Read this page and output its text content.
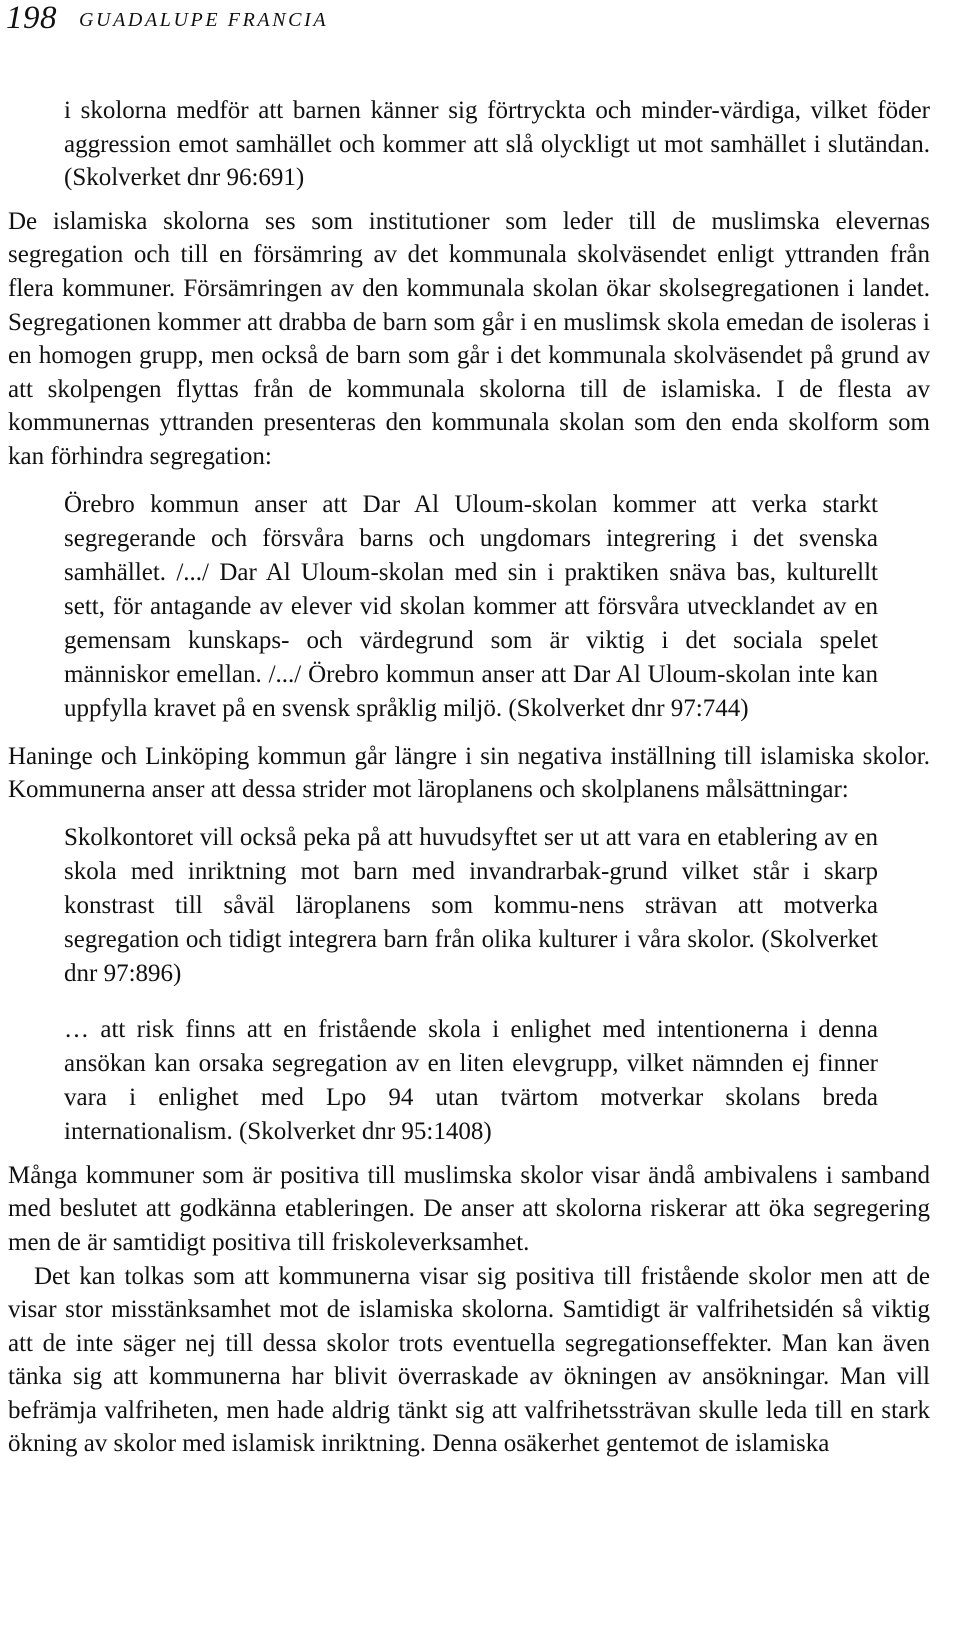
198 GUADALUPE FRANCIA

i skolorna medför att barnen känner sig förtryckta och minder-värdiga, vilket föder aggression emot samhället och kommer att slå olyckligt ut mot samhället i slutändan. (Skolverket dnr 96:691)

De islamiska skolorna ses som institutioner som leder till de muslimska elevernas segregation och till en försämring av det kommunala skolväsendet enligt yttranden från flera kommuner. Försämringen av den kommunala skolan ökar skolsegregationen i landet. Segregationen kommer att drabba de barn som går i en muslimsk skola emedan de isoleras i en homogen grupp, men också de barn som går i det kommunala skolväsendet på grund av att skolpengen flyttas från de kommunala skolorna till de islamiska. I de flesta av kommunernas yttranden presenteras den kommunala skolan som den enda skolform som kan förhindra segregation:

Örebro kommun anser att Dar Al Uloum-skolan kommer att verka starkt segregerande och försvåra barns och ungdomars integrering i det svenska samhället. /.../ Dar Al Uloum-skolan med sin i praktiken snäva bas, kulturellt sett, för antagande av elever vid skolan kommer att försvåra utvecklandet av en gemensam kunskaps- och värdegrund som är viktig i det sociala spelet människor emellan. /.../ Örebro kommun anser att Dar Al Uloum-skolan inte kan uppfylla kravet på en svensk språklig miljö. (Skolverket dnr 97:744)

Haninge och Linköping kommun går längre i sin negativa inställning till islamiska skolor. Kommunerna anser att dessa strider mot läroplanens och skolplanens målsättningar:

Skolkontoret vill också peka på att huvudsyftet ser ut att vara en etablering av en skola med inriktning mot barn med invandrarbak-grund vilket står i skarp konstrast till såväl läroplanens som kommu-nens strävan att motverka segregation och tidigt integrera barn från olika kulturer i våra skolor. (Skolverket dnr 97:896)

… att risk finns att en fristående skola i enlighet med intentionerna i denna ansökan kan orsaka segregation av en liten elevgrupp, vilket nämnden ej finner vara i enlighet med Lpo 94 utan tvärtom motverkar skolans breda internationalism. (Skolverket dnr 95:1408)

Många kommuner som är positiva till muslimska skolor visar ändå ambivalens i samband med beslutet att godkänna etableringen. De anser att skolorna riskerar att öka segregering men de är samtidigt positiva till friskoleverksamhet.

Det kan tolkas som att kommunerna visar sig positiva till fristående skolor men att de visar stor misstänksamhet mot de islamiska skolorna. Samtidigt är valfrihetsidén så viktig att de inte säger nej till dessa skolor trots eventuella segregationseffekter. Man kan även tänka sig att kommunerna har blivit överraskade av ökningen av ansökningar. Man vill befrämja valfriheten, men hade aldrig tänkt sig att valfrihetssträvan skulle leda till en stark ökning av skolor med islamisk inriktning. Denna osäkerhet gentemot de islamiska
